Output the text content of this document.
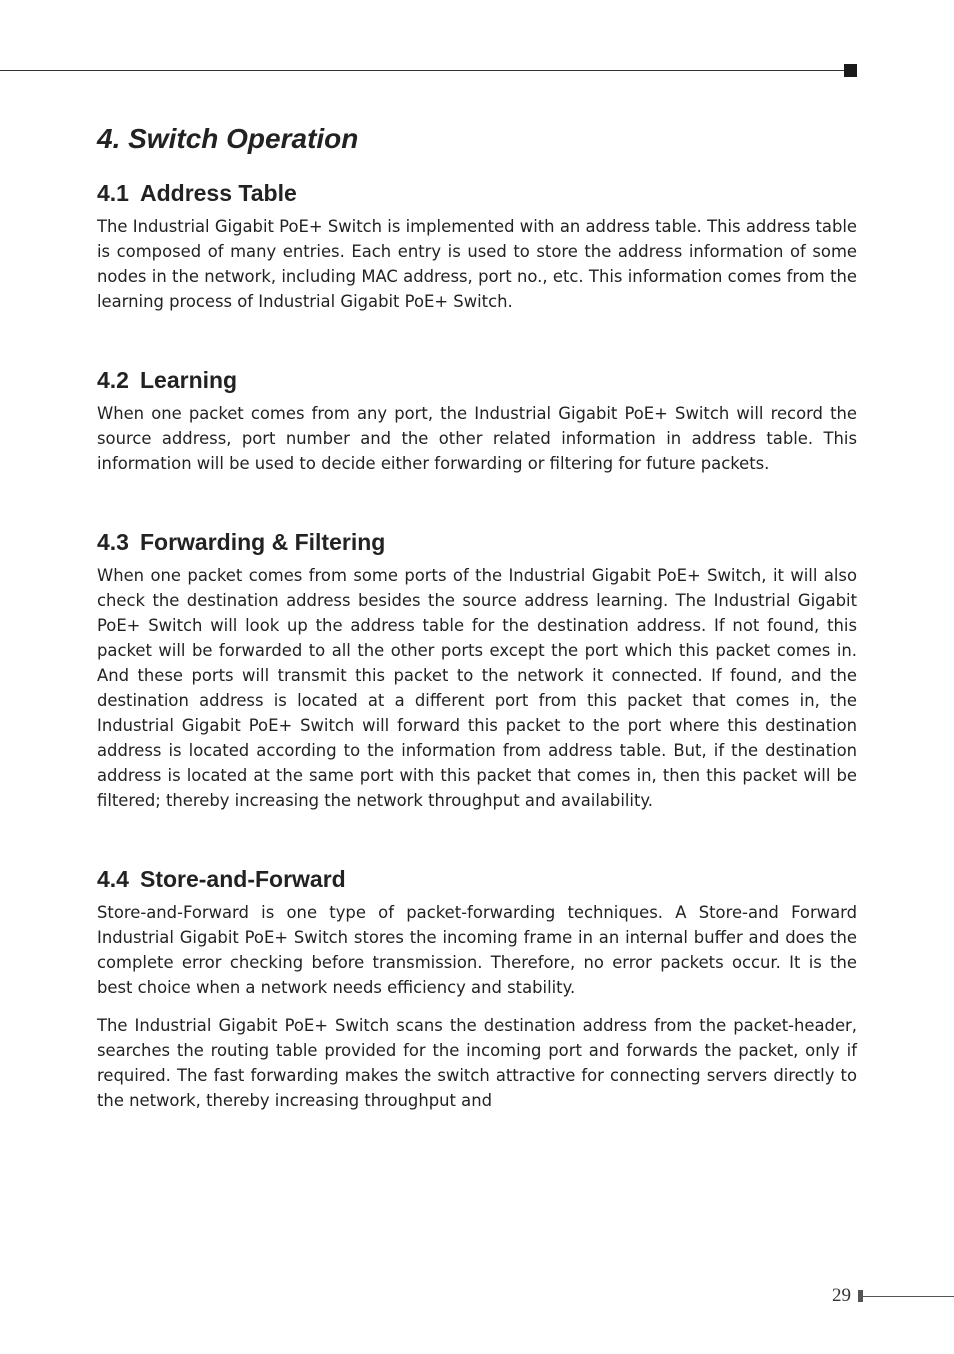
4. Switch Operation
4.1 Address Table

The Industrial Gigabit PoE+ Switch is implemented with an address table. This address table is composed of many entries. Each entry is used to store the address information of some nodes in the network, including MAC address, port no., etc. This information comes from the learning process of Industrial Gigabit PoE+ Switch.

4.2 Learning

When one packet comes from any port, the Industrial Gigabit PoE+ Switch will record the source address, port number and the other related information in address table. This information will be used to decide either forwarding or filtering for future packets.

4.3 Forwarding & Filtering

When one packet comes from some ports of the Industrial Gigabit PoE+ Switch, it will also check the destination address besides the source address learning. The Industrial Gigabit PoE+ Switch will look up the address table for the destination address. If not found, this packet will be forwarded to all the other ports except the port which this packet comes in. And these ports will transmit this packet to the network it connected. If found, and the destination address is located at a different port from this packet that comes in, the Industrial Gigabit PoE+ Switch will forward this packet to the port where this destination address is located according to the information from address table. But, if the destination address is located at the same port with this packet that comes in, then this packet will be filtered; thereby increasing the network throughput and availability.

4.4 Store-and-Forward

Store-and-Forward is one type of packet-forwarding techniques. A Store-and Forward Industrial Gigabit PoE+ Switch stores the incoming frame in an internal buffer and does the complete error checking before transmission. Therefore, no error packets occur. It is the best choice when a network needs efficiency and stability.

The Industrial Gigabit PoE+ Switch scans the destination address from the packet-header, searches the routing table provided for the incoming port and forwards the packet, only if required. The fast forwarding makes the switch attractive for connecting servers directly to the network, thereby increasing throughput and

29
